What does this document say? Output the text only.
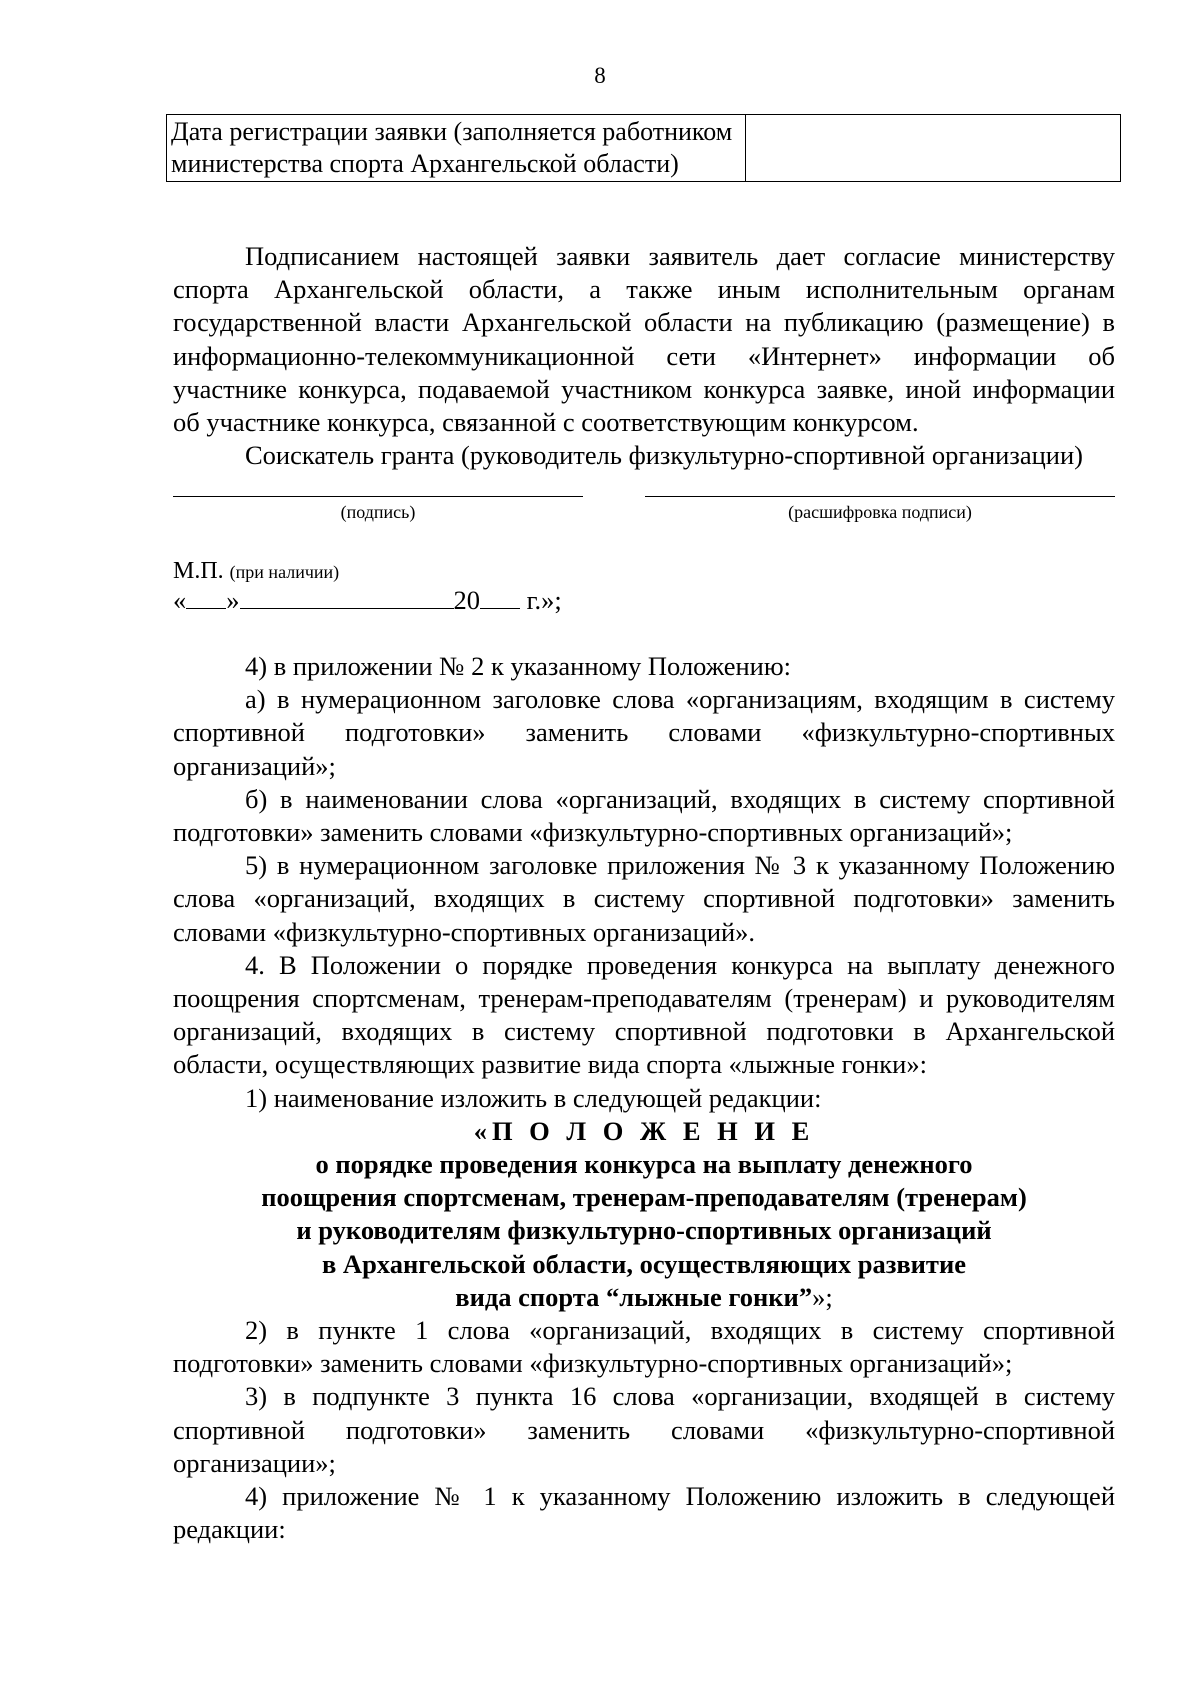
8
Дата регистрации заявки (заполняется работником министерства спорта Архангельской области)	

Подписанием настоящей заявки заявитель дает согласие министерству спорта Архангельской области, а также иным исполнительным органам государственной власти Архангельской области на публикацию (размещение) в информационно-телекоммуникационной сети «Интернет» информации об участнике конкурса, подаваемой участником конкурса заявке, иной информации об участнике конкурса, связанной с соответствующим конкурсом.

Соискатель гранта (руководитель физкультурно-спортивной организации)

(подпись)	(расшифровка подписи)
М.П. (при наличии)
« »	20 г.»;

4) в приложении № 2 к указанному Положению:

а) в нумерационном заголовке слова «организациям, входящим в систему спортивной подготовки» заменить словами «физкультурно-спортивных организаций»;

б) в наименовании слова «организаций, входящих в систему спортивной подготовки» заменить словами «физкультурно-спортивных организаций»;

5) в нумерационном заголовке приложения № 3 к указанному Положению слова «организаций, входящих в систему спортивной подготовки» заменить словами «физкультурно-спортивных организаций».

4. В Положении о порядке проведения конкурса на выплату денежного поощрения спортсменам, тренерам-преподавателям (тренерам) и руководителям организаций, входящих в систему спортивной подготовки в Архангельской области, осуществляющих развитие вида спорта «лыжные гонки»:

1) наименование изложить в следующей редакции:

«П О Л О Ж Е Н И Е

о порядке проведения конкурса на выплату денежного

поощрения спортсменам, тренерам-преподавателям (тренерам)

и руководителям физкультурно-спортивных организаций

в Архангельской области, осуществляющих развитие

вида спорта “лыжные гонки”»;

2) в пункте 1 слова «организаций, входящих в систему спортивной подготовки» заменить словами «физкультурно-спортивных организаций»;

3) в подпункте 3 пункта 16 слова «организации, входящей в систему спортивной подготовки» заменить словами «физкультурно-спортивной организации»;

4) приложение № 1 к указанному Положению изложить в следующей редакции:
